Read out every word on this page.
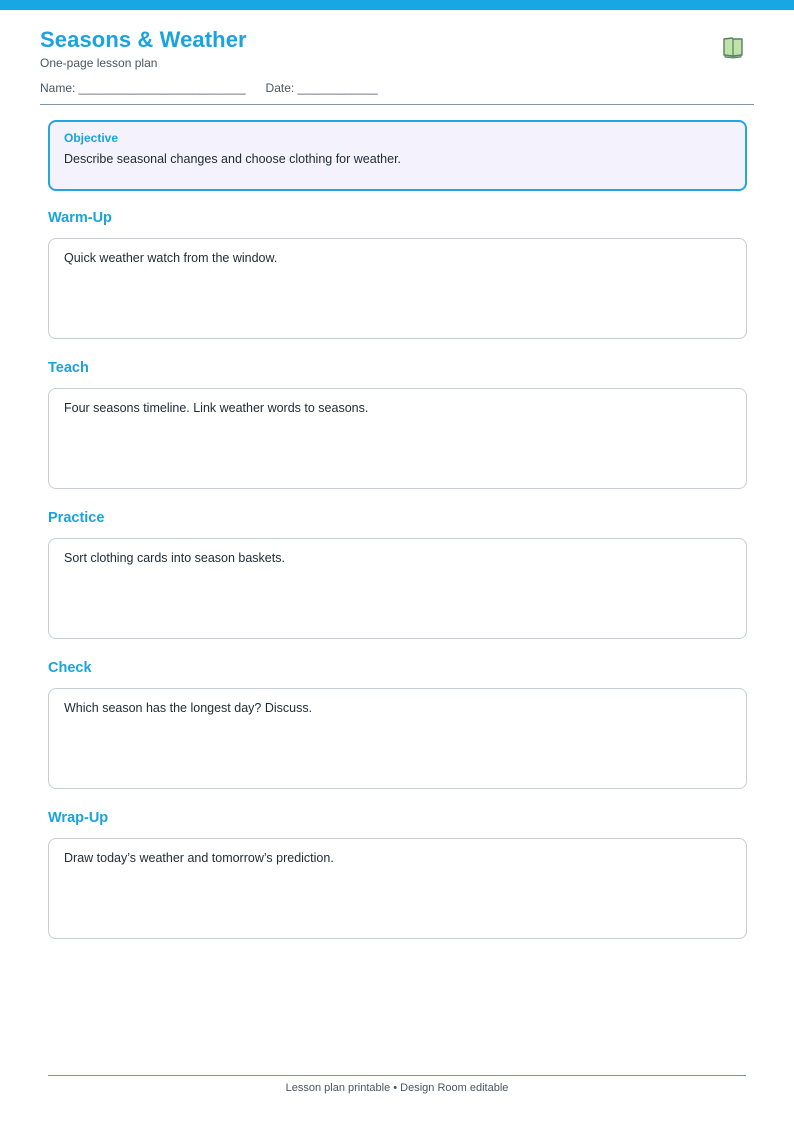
Seasons & Weather
One-page lesson plan
Name: _________________________ Date: ____________
Objective
Describe seasonal changes and choose clothing for weather.
Warm-Up
Quick weather watch from the window.
Teach
Four seasons timeline. Link weather words to seasons.
Practice
Sort clothing cards into season baskets.
Check
Which season has the longest day? Discuss.
Wrap-Up
Draw today’s weather and tomorrow’s prediction.
Lesson plan printable • Design Room editable
